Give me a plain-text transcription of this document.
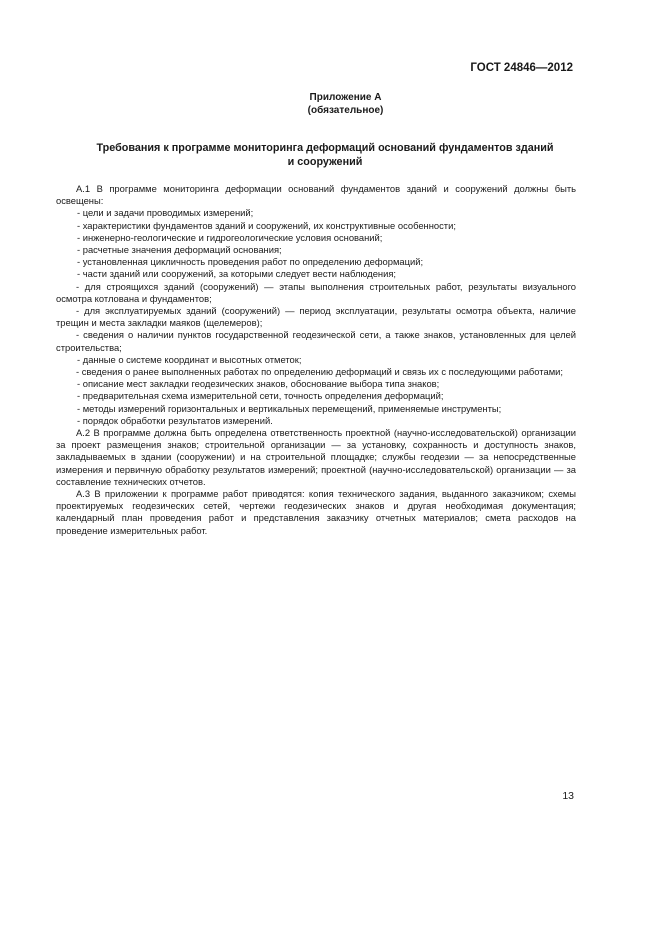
ГОСТ 24846—2012
Приложение А
(обязательное)
Требования к программе мониторинга деформаций оснований фундаментов зданий
и сооружений

А.1 В программе мониторинга деформации оснований фундаментов зданий и сооружений должны быть освещены:

- цели и задачи проводимых измерений;

- характеристики фундаментов зданий и сооружений, их конструктивные особенности;

- инженерно-геологические и гидрогеологические условия оснований;

- расчетные значения деформаций основания;

- установленная цикличность проведения работ по определению деформаций;

- части зданий или сооружений, за которыми следует вести наблюдения;

- для строящихся зданий (сооружений) — этапы выполнения строительных работ, результаты визуального осмотра котлована и фундаментов;

- для эксплуатируемых зданий (сооружений) — период эксплуатации, результаты осмотра объекта, наличие трещин и места закладки маяков (щелемеров);

- сведения о наличии пунктов государственной геодезической сети, а также знаков, установленных для целей строительства;

- данные о системе координат и высотных отметок;

- сведения о ранее выполненных работах по определению деформаций и связь их с последующими работами;

- описание мест закладки геодезических знаков, обоснование выбора типа знаков;

- предварительная схема измерительной сети, точность определения деформаций;

- методы измерений горизонтальных и вертикальных перемещений, применяемые инструменты;

- порядок обработки результатов измерений.

А.2 В программе должна быть определена ответственность проектной (научно-исследовательской) организации за проект размещения знаков; строительной организации — за установку, сохранность и доступность знаков, закладываемых в здании (сооружении) и на строительной площадке; службы геодезии — за непосредственные измерения и первичную обработку результатов измерений; проектной (научно-исследовательской) организации — за составление технических отчетов.

А.3 В приложении к программе работ приводятся: копия технического задания, выданного заказчиком; схемы проектируемых геодезических сетей, чертежи геодезических знаков и другая необходимая документация; календарный план проведения работ и представления заказчику отчетных материалов; смета расходов на проведение измерительных работ.

13
